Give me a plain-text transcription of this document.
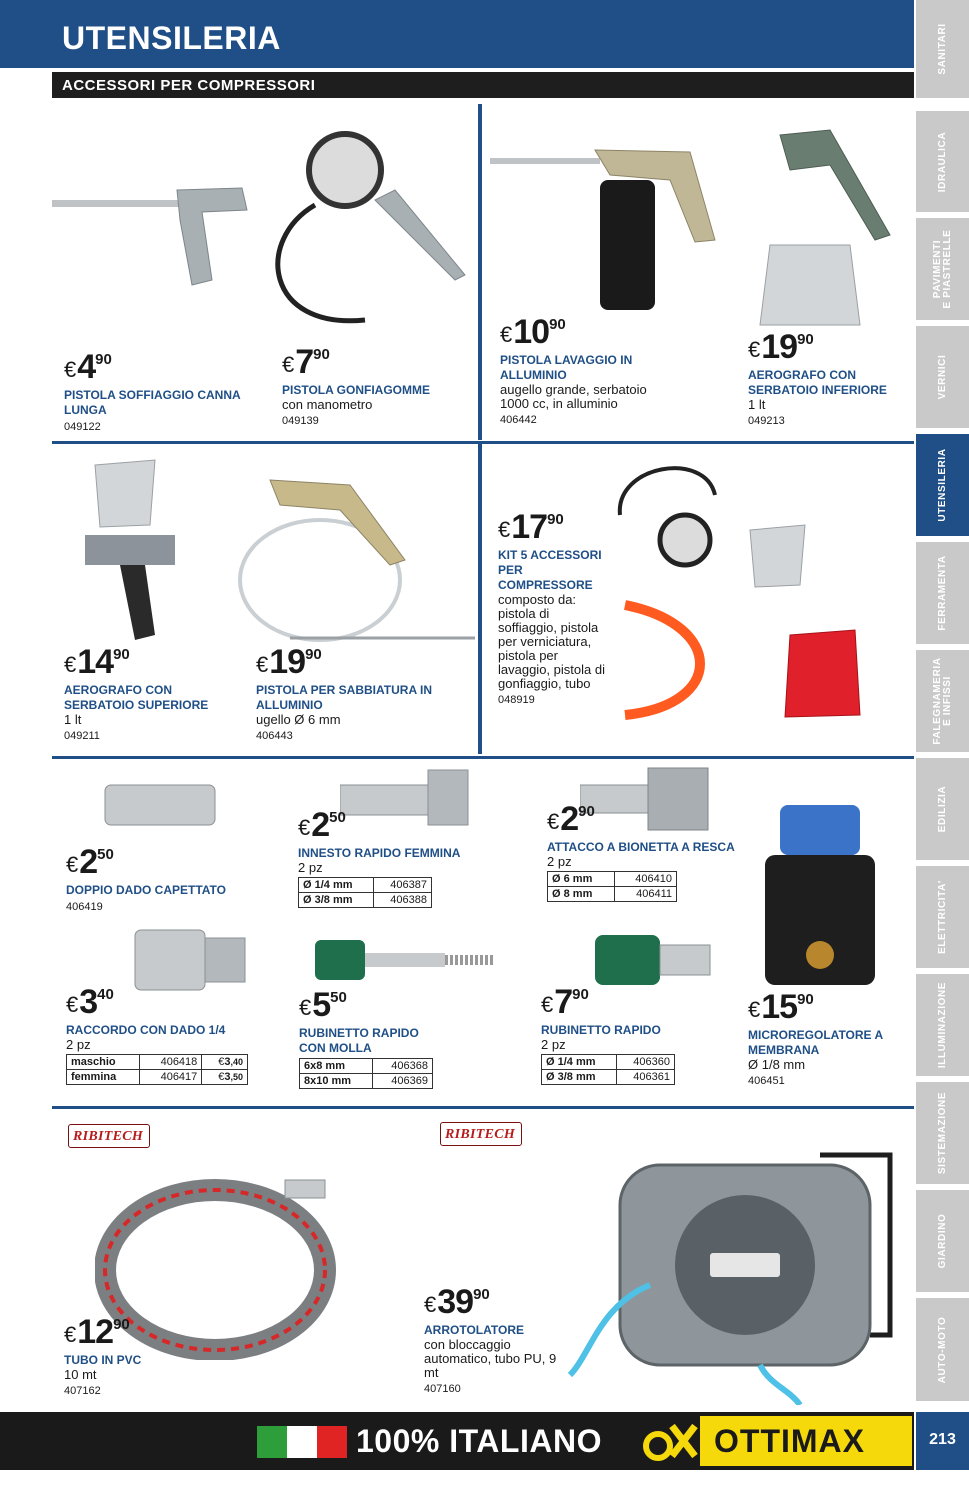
UTENSILERIA
ACCESSORI PER COMPRESSORI
SANITARI
IDRAULICA
PAVIMENTI
E PIASTRELLE
VERNICI
UTENSILERIA
FERRAMENTA
FALEGNAMERIA
E INFISSI
EDILIZIA
ELETTRICITA'
ILLUMINAZIONE
SISTEMAZIONE
GIARDINO
AUTO-MOTO
€ 4 90
PISTOLA SOFFIAGGIO CANNA LUNGA
049122
€ 7 90
PISTOLA GONFIAGOMME
con manometro
049139
€ 10 90
PISTOLA LAVAGGIO IN ALLUMINIO
augello grande, serbatoio 1000 cc, in alluminio
406442
€ 19 90
AEROGRAFO CON SERBATOIO INFERIORE
1 lt
049213
€ 14 90
AEROGRAFO CON SERBATOIO SUPERIORE
1 lt
049211
€ 19 90
PISTOLA PER SABBIATURA IN ALLUMINIO
ugello Ø 6 mm
406443
€ 17 90
KIT 5 ACCESSORI PER COMPRESSORE
composto da: pistola di soffiaggio, pistola per verniciatura, pistola per lavaggio, pistola di gonfiaggio, tubo
048919
€ 2 50
DOPPIO DADO CAPETTATO
406419
€ 2 50
INNESTO RAPIDO FEMMINA
2 pz
Ø 1/4 mm	406387
Ø 3/8 mm	406388
€ 2 90
ATTACCO A BIONETTA A RESCA
2 pz
Ø 6 mm	406410
Ø 8 mm	406411
€ 3 40
RACCORDO CON DADO 1/4
2 pz
maschio	406418	€3,40
femmina	406417	€3,50
€ 5 50
RUBINETTO RAPIDO CON MOLLA
6x8 mm	406368
8x10 mm	406369
€ 7 90
RUBINETTO RAPIDO
2 pz
Ø 1/4 mm	406360
Ø 3/8 mm	406361
€ 15 90
MICROREGOLATORE A MEMBRANA
Ø 1/8 mm
406451
RIBITECH	RIBITECH
€ 12 90
TUBO IN PVC
10 mt
407162
€ 39 90
ARROTOLATORE
con bloccaggio automatico, tubo PU, 9 mt
407160
100% ITALIANO	OTTIMAX	213
